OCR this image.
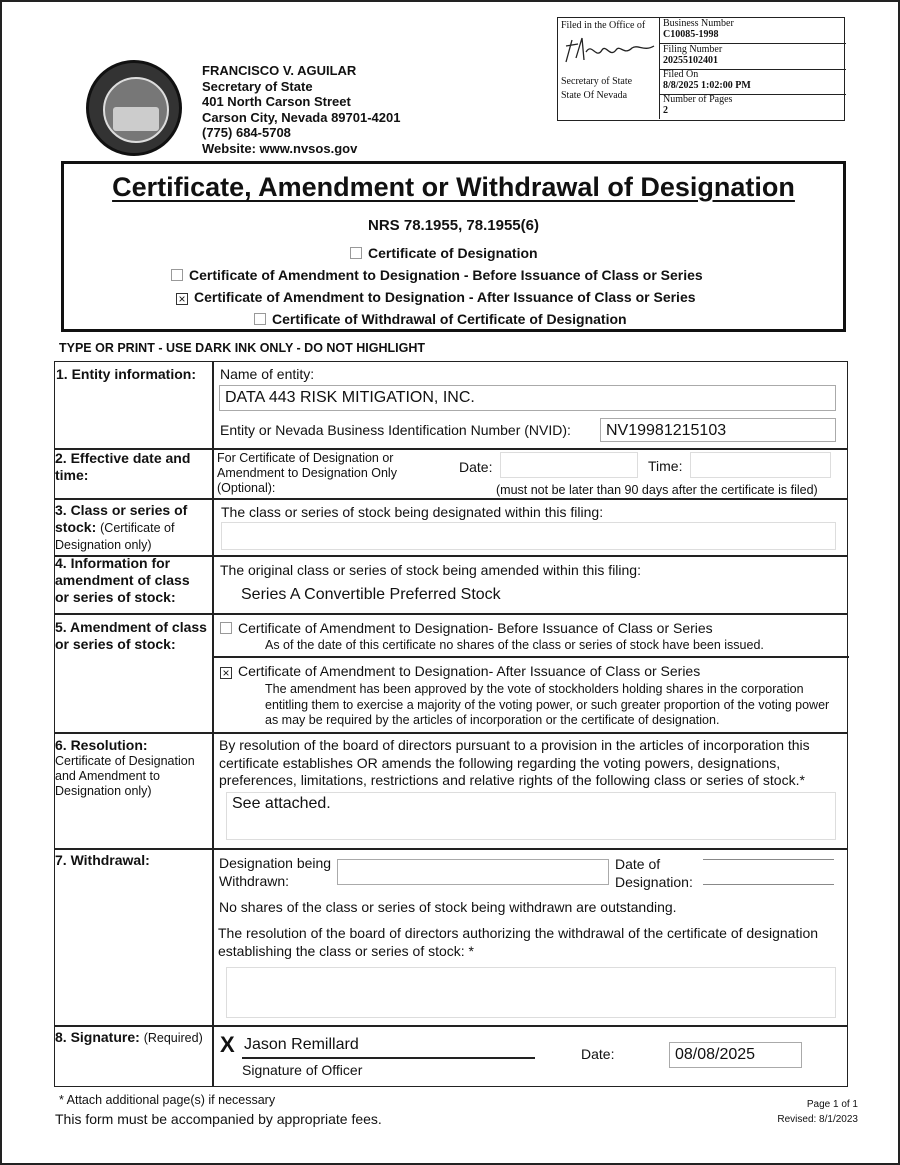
FRANCISCO V. AGUILAR
Secretary of State
401 North Carson Street
Carson City, Nevada 89701-4201
(775) 684-5708
Website: www.nvsos.gov
Filed in the Office of
Secretary of State
State Of Nevada
Business Number
C10085-1998
Filing Number
20255102401
Filed On
8/8/2025 1:02:00 PM
Number of Pages
2
Certificate, Amendment or Withdrawal of Designation
NRS 78.1955, 78.1955(6)
Certificate of Designation
Certificate of Amendment to Designation - Before Issuance of Class or Series
× Certificate of Amendment to Designation - After Issuance of Class or Series
Certificate of Withdrawal of Certificate of Designation
TYPE OR PRINT - USE DARK INK ONLY - DO NOT HIGHLIGHT
1. Entity information:	Name of entity:
DATA 443 RISK MITIGATION, INC.
Entity or Nevada Business Identification Number (NVID):	NV19981215103
2. Effective date and time:
For Certificate of Designation or Amendment to Designation Only (Optional):
Date:	Time:
(must not be later than 90 days after the certificate is filed)
3. Class or series of stock: (Certificate of Designation only)
The class or series of stock being designated within this filing:
4. Information for amendment of class or series of stock:
The original class or series of stock being amended within this filing:
Series A Convertible Preferred Stock
5. Amendment of class or series of stock:
Certificate of Amendment to Designation- Before Issuance of Class or Series
As of the date of this certificate no shares of the class or series of stock have been issued.
× Certificate of Amendment to Designation- After Issuance of Class or Series
The amendment has been approved by the vote of stockholders holding shares in the corporation entitling them to exercise a majority of the voting power, or such greater proportion of the voting power as may be required by the articles of incorporation or the certificate of designation.
6. Resolution:
Certificate of Designation and Amendment to Designation only)
By resolution of the board of directors pursuant to a provision in the articles of incorporation this certificate establishes OR amends the following regarding the voting powers, designations, preferences, limitations, restrictions and relative rights of the following class or series of stock.*
See attached.
7. Withdrawal:	Designation being Withdrawn:
Date of Designation:
No shares of the class or series of stock being withdrawn are outstanding.
The resolution of the board of directors authorizing the withdrawal of the certificate of designation establishing the class or series of stock: *
8. Signature: (Required) X Jason Remillard
Signature of Officer
Date:	08/08/2025
* Attach additional page(s) if necessary
This form must be accompanied by appropriate fees.
Page 1 of 1
Revised: 8/1/2023
